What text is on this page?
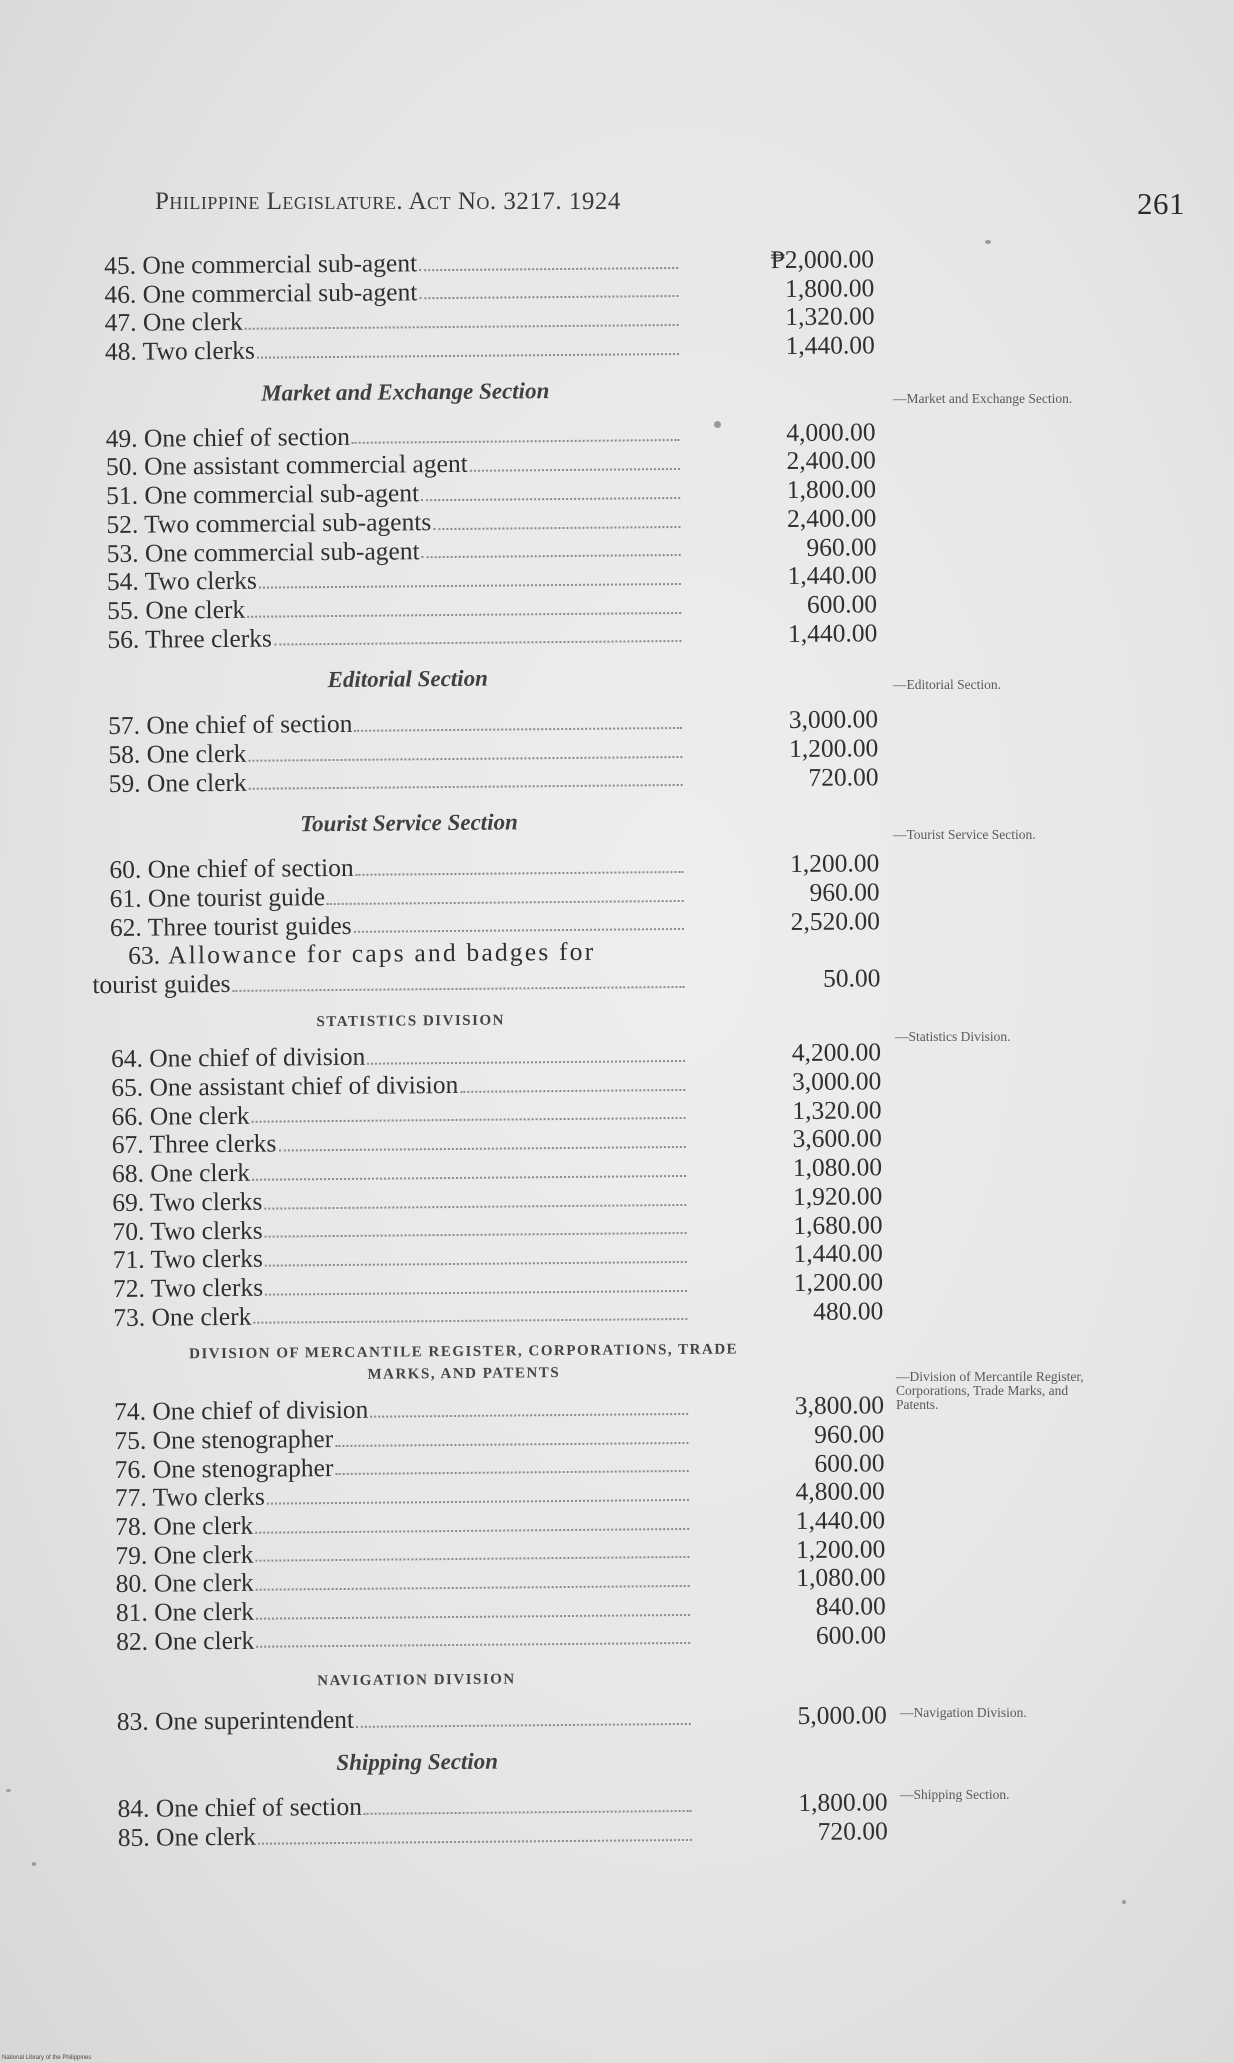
Philippine Legislature. Act No. 3217. 1924	261
45. One commercial sub-agent	₱2,000.00
46. One commercial sub-agent	1,800.00
47. One clerk	1,320.00
48. Two clerks	1,440.00
Market and Exchange Section
49. One chief of section	4,000.00
50. One assistant commercial agent	2,400.00
51. One commercial sub-agent	1,800.00
52. Two commercial sub-agents	2,400.00
53. One commercial sub-agent	960.00
54. Two clerks	1,440.00
55. One clerk	600.00
56. Three clerks	1,440.00
Editorial Section
57. One chief of section	3,000.00
58. One clerk	1,200.00
59. One clerk	720.00
Tourist Service Section
60. One chief of section	1,200.00
61. One tourist guide	960.00
62. Three tourist guides	2,520.00
63. Allowance for caps and badges for
tourist guides	50.00
STATISTICS DIVISION
64. One chief of division	4,200.00
65. One assistant chief of division	3,000.00
66. One clerk	1,320.00
67. Three clerks	3,600.00
68. One clerk	1,080.00
69. Two clerks	1,920.00
70. Two clerks	1,680.00
71. Two clerks	1,440.00
72. Two clerks	1,200.00
73. One clerk	480.00
DIVISION OF MERCANTILE REGISTER, CORPORATIONS, TRADE
MARKS, AND PATENTS
74. One chief of division	3,800.00
75. One stenographer	960.00
76. One stenographer	600.00
77. Two clerks	4,800.00
78. One clerk	1,440.00
79. One clerk	1,200.00
80. One clerk	1,080.00
81. One clerk	840.00
82. One clerk	600.00
NAVIGATION DIVISION
83. One superintendent	5,000.00
Shipping Section
84. One chief of section	1,800.00
85. One clerk	720.00
—Market and Exchange Section.
—Editorial Section.
—Tourist Service Section.
—Statistics Division.
—Division of Mercantile Register, Corporations, Trade Marks, and Patents.
—Navigation Division.
—Shipping Section.
National Library of the Philippines
